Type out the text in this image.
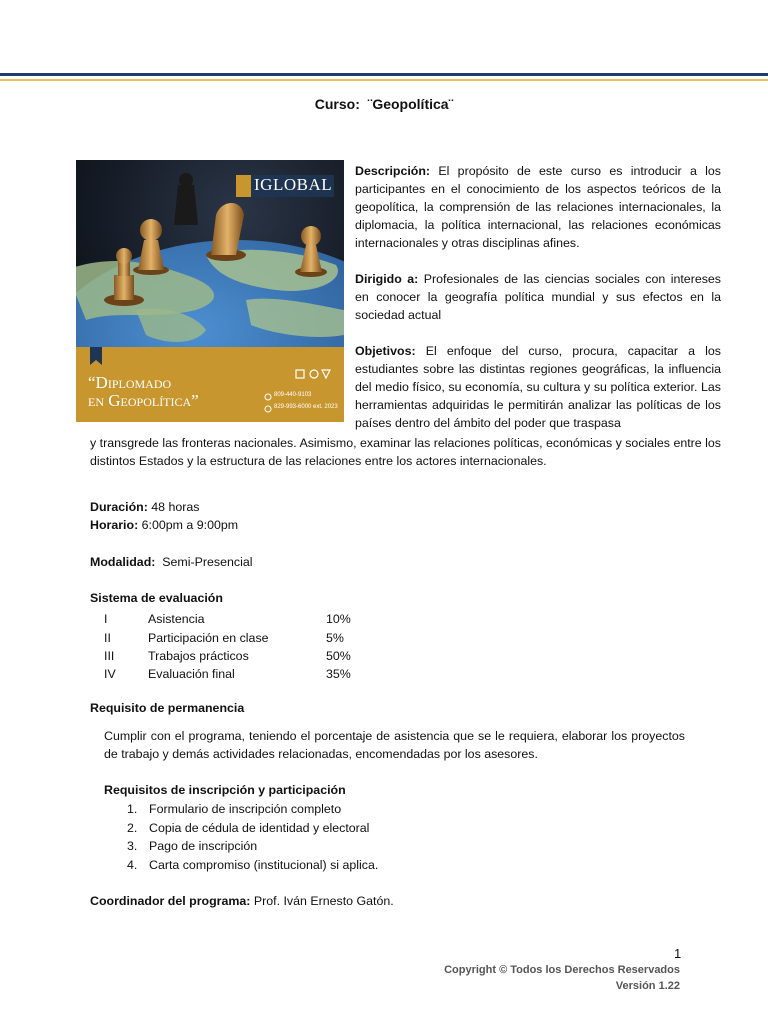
Curso: ¨Geopolítica¨
IGLOBAL
“Diplomado
en Geopolítica”	809-440-9103
829-993-6000 ext. 2023

Descripción: El propósito de este curso es introducir a los participantes en el conocimiento de los aspectos teóricos de la geopolítica, la comprensión de las relaciones internacionales, la diplomacia, la política internacional, las relaciones económicas internacionales y otras disciplinas afines.

Dirigido a: Profesionales de las ciencias sociales con intereses en conocer la geografía política mundial y sus efectos en la sociedad actual

Objetivos: El enfoque del curso, procura, capacitar a los estudiantes sobre las distintas regiones geográficas, la influencia del medio físico, su economía, su cultura y su política exterior. Las herramientas adquiridas le permitirán analizar las políticas de los países dentro del ámbito del poder que traspasa

y transgrede las fronteras nacionales. Asimismo, examinar las relaciones políticas, económicas y sociales entre los distintos Estados y la estructura de las relaciones entre los actores internacionales.
Duración: 48 horas
Horario: 6:00pm a 9:00pm
Modalidad: Semi-Presencial
Sistema de evaluación
I	Asistencia	10%
II	Participación en clase	5%
III	Trabajos prácticos	50%
IV	Evaluación final	35%
Requisito de permanencia
Cumplir con el programa, teniendo el porcentaje de asistencia que se le requiera, elaborar los proyectos de trabajo y demás actividades relacionadas, encomendadas por los asesores.
Requisitos de inscripción y participación
1. Formulario de inscripción completo
2. Copia de cédula de identidad y electoral
3. Pago de inscripción
4. Carta compromiso (institucional) si aplica.
Coordinador del programa: Prof. Iván Ernesto Gatón.
1
Copyright © Todos los Derechos Reservados
Versión 1.22
